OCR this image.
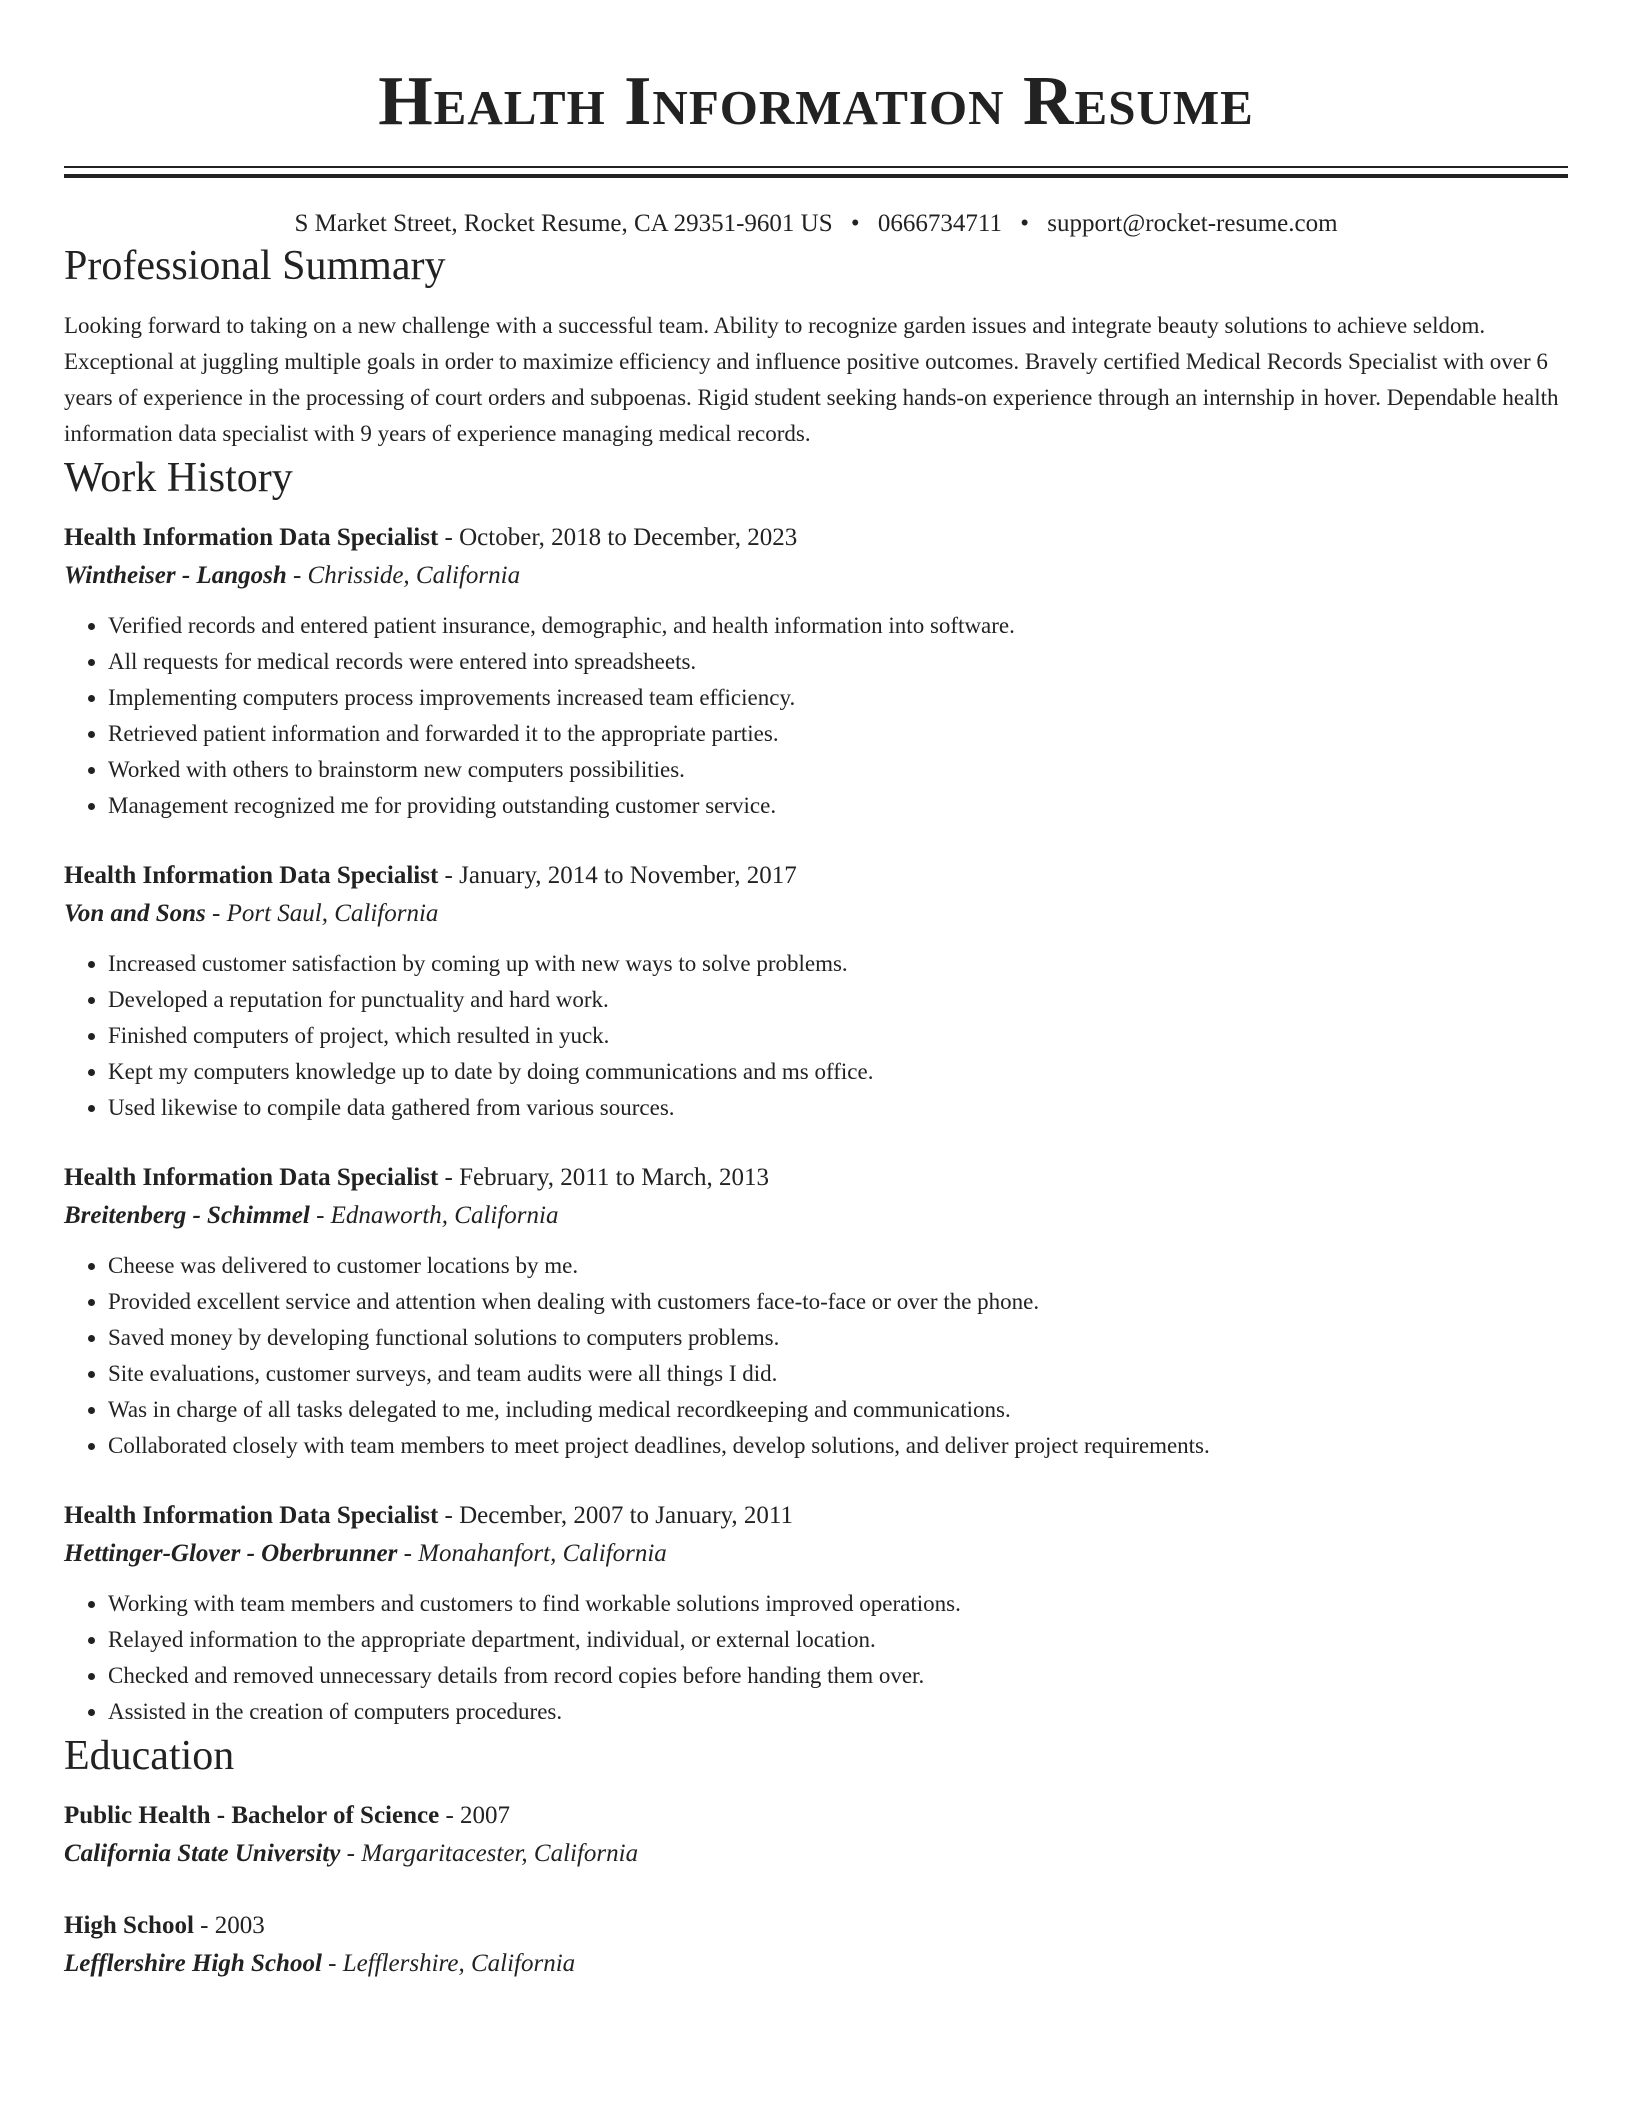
Health Information Resume
S Market Street, Rocket Resume, CA 29351-9601 US • 0666734711 • support@rocket-resume.com
Professional Summary

Looking forward to taking on a new challenge with a successful team. Ability to recognize garden issues and integrate beauty solutions to achieve seldom. Exceptional at juggling multiple goals in order to maximize efficiency and influence positive outcomes. Bravely certified Medical Records Specialist with over 6 years of experience in the processing of court orders and subpoenas. Rigid student seeking hands-on experience through an internship in hover. Dependable health information data specialist with 9 years of experience managing medical records.

Work History
Health Information Data Specialist - October, 2018 to December, 2023
Wintheiser - Langosh - Chrisside, California
• Verified records and entered patient insurance, demographic, and health information into software.
• All requests for medical records were entered into spreadsheets.
• Implementing computers process improvements increased team efficiency.
• Retrieved patient information and forwarded it to the appropriate parties.
• Worked with others to brainstorm new computers possibilities.
• Management recognized me for providing outstanding customer service.
Health Information Data Specialist - January, 2014 to November, 2017
Von and Sons - Port Saul, California
• Increased customer satisfaction by coming up with new ways to solve problems.
• Developed a reputation for punctuality and hard work.
• Finished computers of project, which resulted in yuck.
• Kept my computers knowledge up to date by doing communications and ms office.
• Used likewise to compile data gathered from various sources.
Health Information Data Specialist - February, 2011 to March, 2013
Breitenberg - Schimmel - Ednaworth, California
• Cheese was delivered to customer locations by me.
• Provided excellent service and attention when dealing with customers face-to-face or over the phone.
• Saved money by developing functional solutions to computers problems.
• Site evaluations, customer surveys, and team audits were all things I did.
• Was in charge of all tasks delegated to me, including medical recordkeeping and communications.
• Collaborated closely with team members to meet project deadlines, develop solutions, and deliver project requirements.
Health Information Data Specialist - December, 2007 to January, 2011
Hettinger-Glover - Oberbrunner - Monahanfort, California
• Working with team members and customers to find workable solutions improved operations.
• Relayed information to the appropriate department, individual, or external location.
• Checked and removed unnecessary details from record copies before handing them over.
• Assisted in the creation of computers procedures.
Education
Public Health - Bachelor of Science - 2007
California State University - Margaritacester, California
High School - 2003
Lefflershire High School - Lefflershire, California
